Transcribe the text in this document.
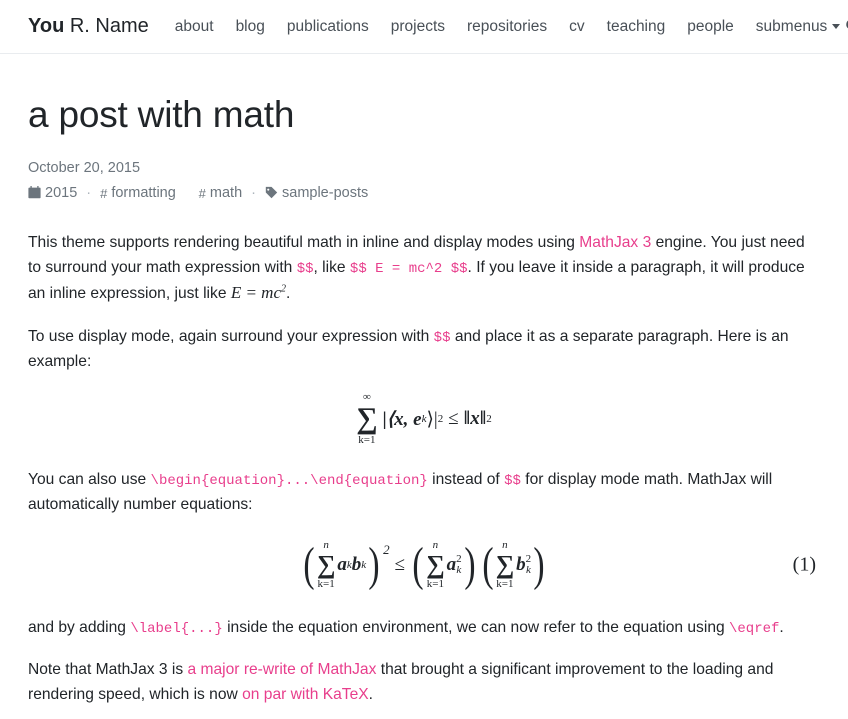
You R. Name about blog publications projects repositories cv teaching people submenus
a post with math
October 20, 2015
2015 · # formatting # math · sample-posts

This theme supports rendering beautiful math in inline and display modes using MathJax 3 engine. You just need to surround your math expression with $$, like $$ E = mc^2 $$. If you leave it inside a paragraph, it will produce an inline expression, just like $E = mc^2$.

To use display mode, again surround your expression with $$ and place it as a separate paragraph. Here is an example:

∞
∑
k=1
|⟨x, e k ⟩| 2 ≤ ‖x‖ 2

You can also use \begin{equation}...\end{equation} instead of $$ for display mode math. MathJax will automatically number equations:

( n
∑
k=1
a k b k ) 2
≤ ( n
∑
k=1
a 2
k ) ( n
∑
k=1
b 2
k )	(1)

and by adding \label{...} inside the equation environment, we can now refer to the equation using \eqref.

Note that MathJax 3 is a major re-write of MathJax that brought a significant improvement to the loading and rendering speed, which is now on par with KaTeX.
